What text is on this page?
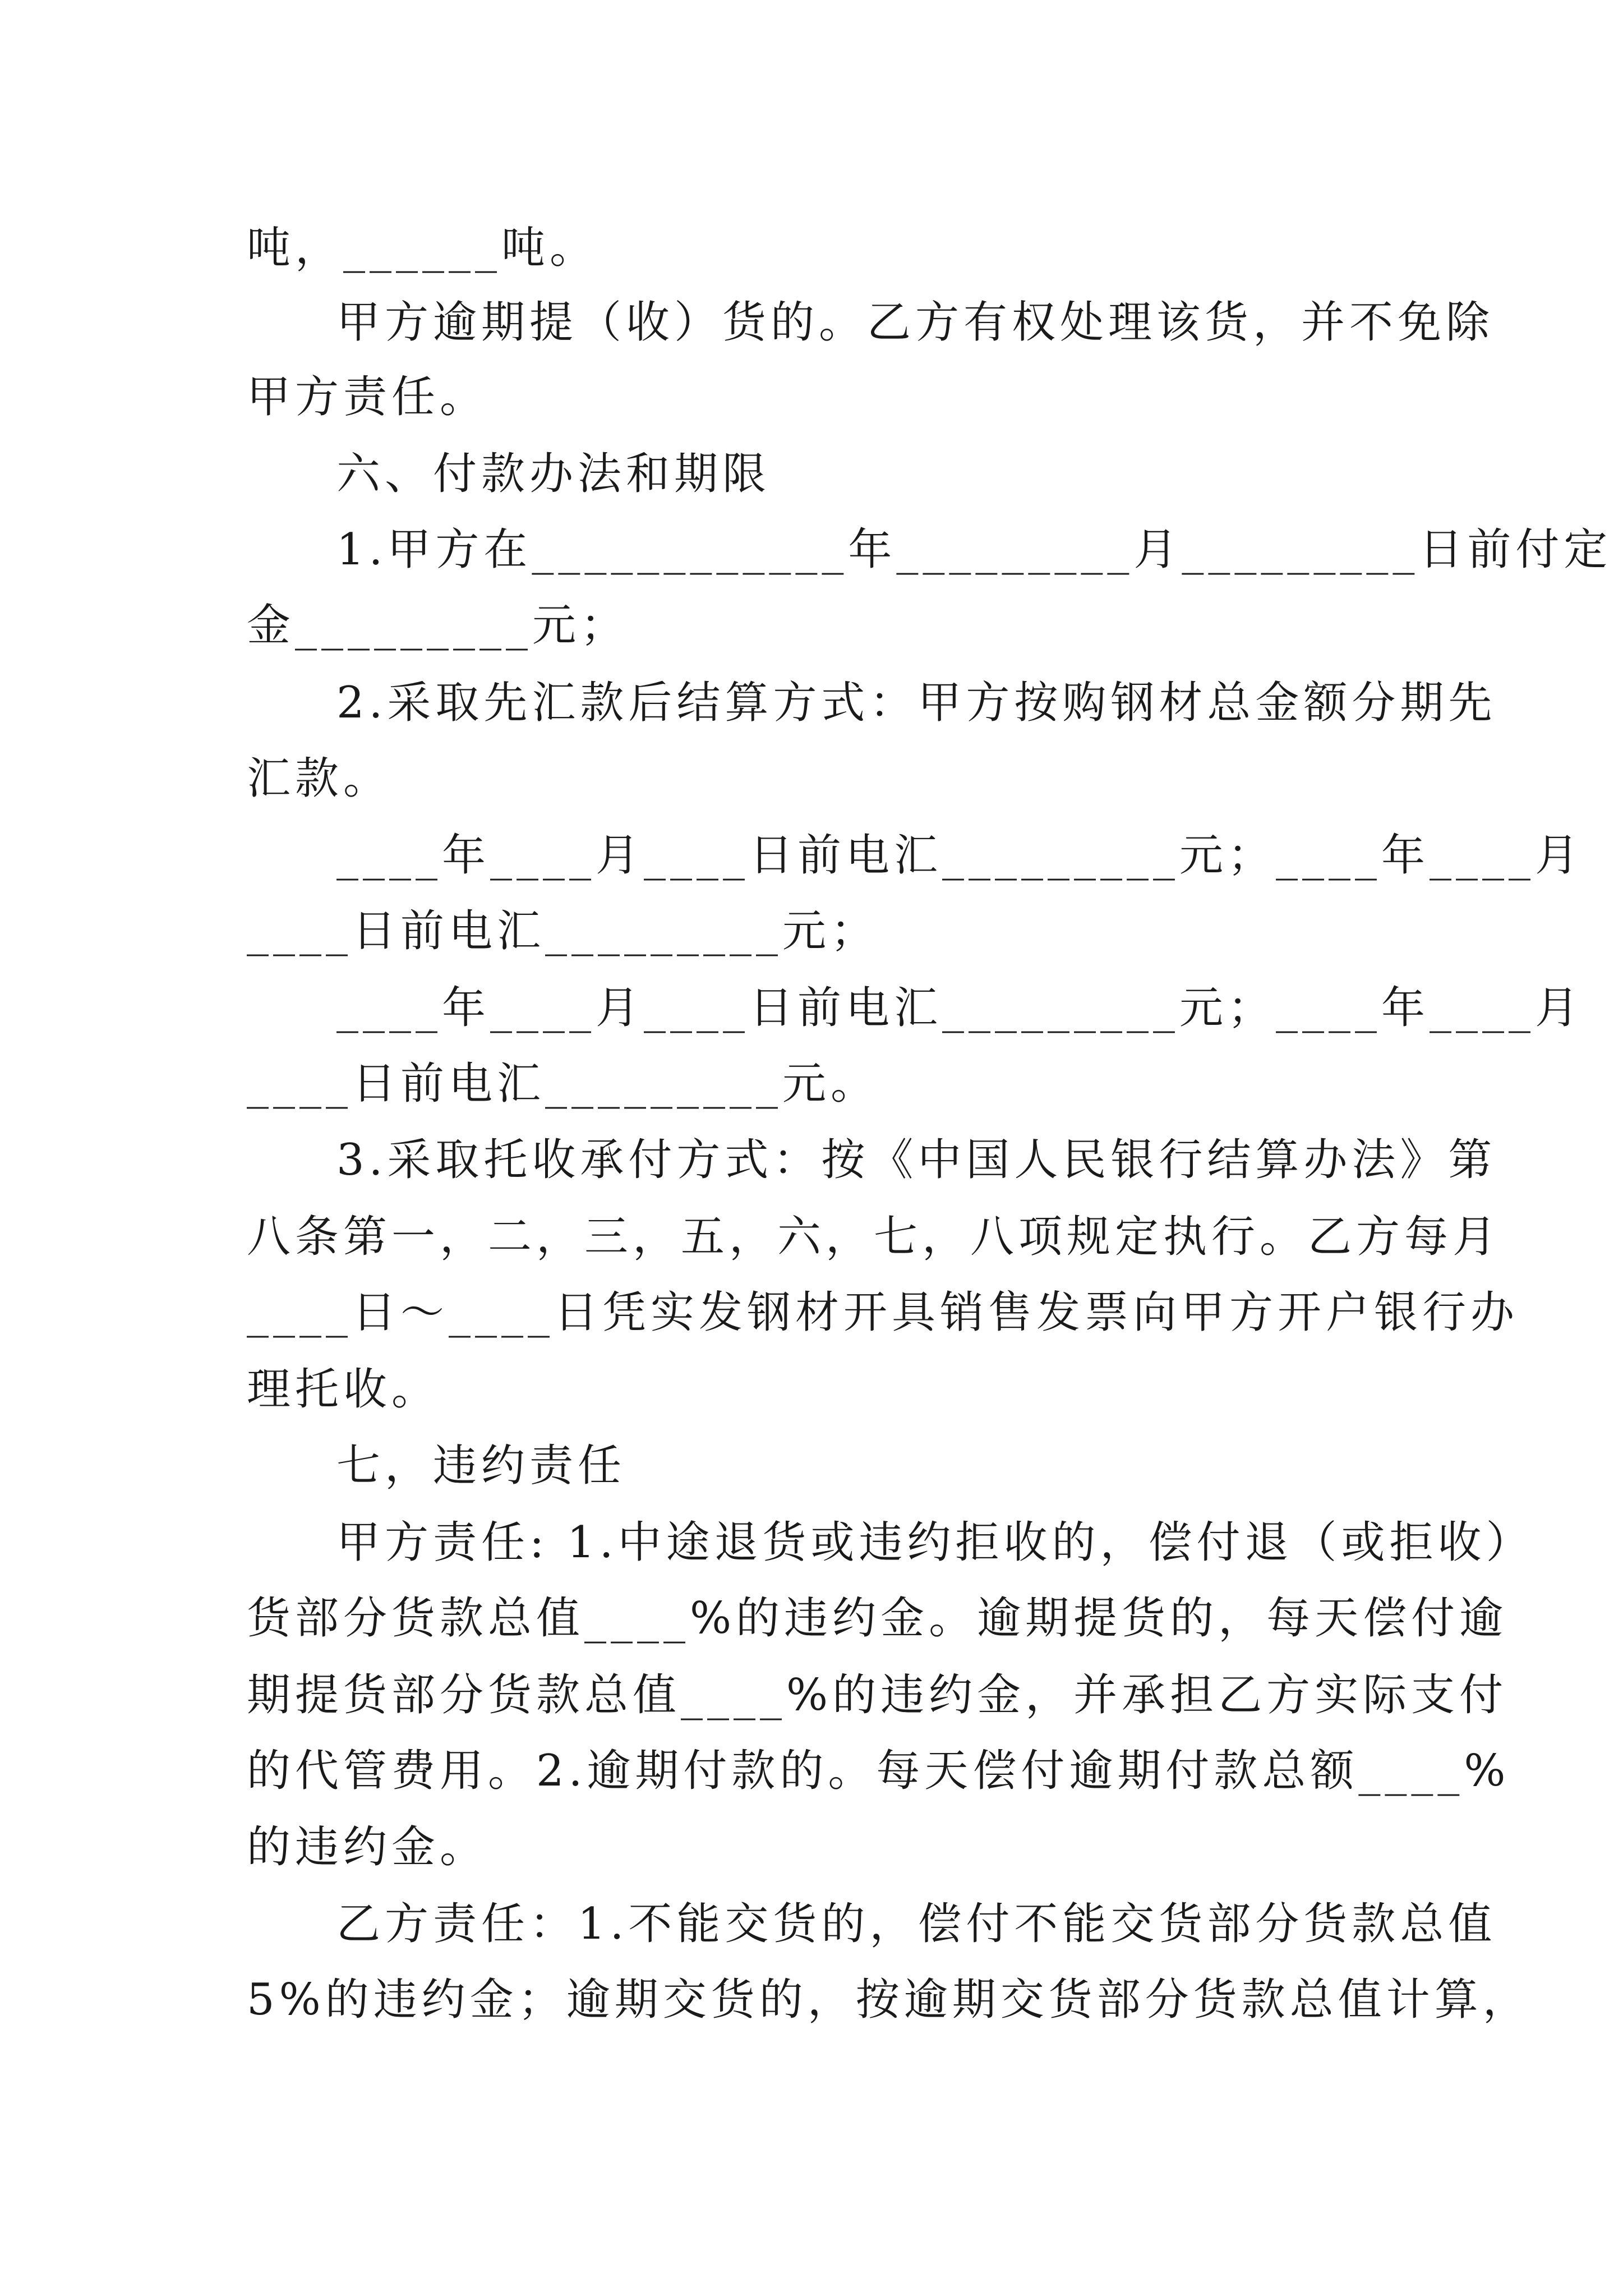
吨，______吨。
甲方逾期提（收）货的。乙方有权处理该货，并不免除
甲方责任。
六、付款办法和期限
1.甲方在____________年_________月_________日前付定
金_________元；
2.采取先汇款后结算方式：甲方按购钢材总金额分期先
汇款。
____年____月____日前电汇_________元；____年____月
____日前电汇_________元；
____年____月____日前电汇_________元；____年____月
____日前电汇_________元。
3.采取托收承付方式：按《中国人民银行结算办法》第
八条第一，二，三，五，六，七，八项规定执行。乙方每月
____日～____日凭实发钢材开具销售发票向甲方开户银行办
理托收。
七，违约责任
甲方责任: 1.中途退货或违约拒收的，偿付退（或拒收）
货部分货款总值____%的违约金。逾期提货的，每天偿付逾
期提货部分货款总值____%的违约金，并承担乙方实际支付
的代管费用。2.逾期付款的。每天偿付逾期付款总额____%
的违约金。
乙方责任：1.不能交货的，偿付不能交货部分货款总值
5%的违约金；逾期交货的，按逾期交货部分货款总值计算，
